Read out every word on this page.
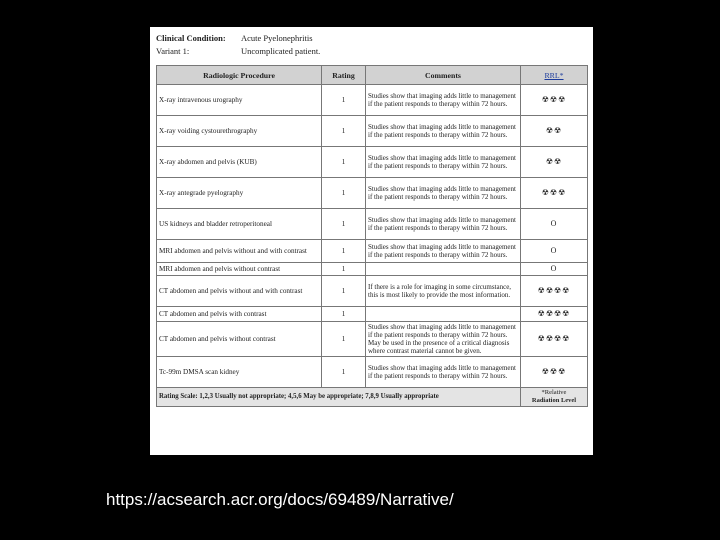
Clinical Condition: Acute Pyelonephritis
Variant 1:	Uncomplicated patient.
Radiologic Procedure	Rating	Comments	RRL*
X-ray intravenous urography	1	Studies show that imaging adds little to management if the patient responds to therapy within 72 hours.	☢☢☢
X-ray voiding cystourethrography	1	Studies show that imaging adds little to management if the patient responds to therapy within 72 hours.	☢☢
X-ray abdomen and pelvis (KUB)	1	Studies show that imaging adds little to management if the patient responds to therapy within 72 hours.	☢☢
X-ray antegrade pyelography	1	Studies show that imaging adds little to management if the patient responds to therapy within 72 hours.	☢☢☢
US kidneys and bladder retroperitoneal	1	Studies show that imaging adds little to management if the patient responds to therapy within 72 hours.	O
MRI abdomen and pelvis without and with contrast	1	Studies show that imaging adds little to management if the patient responds to therapy within 72 hours.	O
MRI abdomen and pelvis without contrast	1		O
CT abdomen and pelvis without and with contrast	1	If there is a role for imaging in some circumstance, this is most likely to provide the most information.	☢☢☢☢
CT abdomen and pelvis with contrast	1		☢☢☢☢
CT abdomen and pelvis without contrast	1	Studies show that imaging adds little to management if the patient responds to therapy within 72 hours. May be used in the presence of a critical diagnosis where contrast material cannot be given.	☢☢☢☢
Tc-99m DMSA scan kidney	1	Studies show that imaging adds little to management if the patient responds to therapy within 72 hours.	☢☢☢
Rating Scale: 1,2,3 Usually not appropriate; 4,5,6 May be appropriate; 7,8,9 Usually appropriate			*Relative
Radiation Level
https://acsearch.acr.org/docs/69489/Narrative/
